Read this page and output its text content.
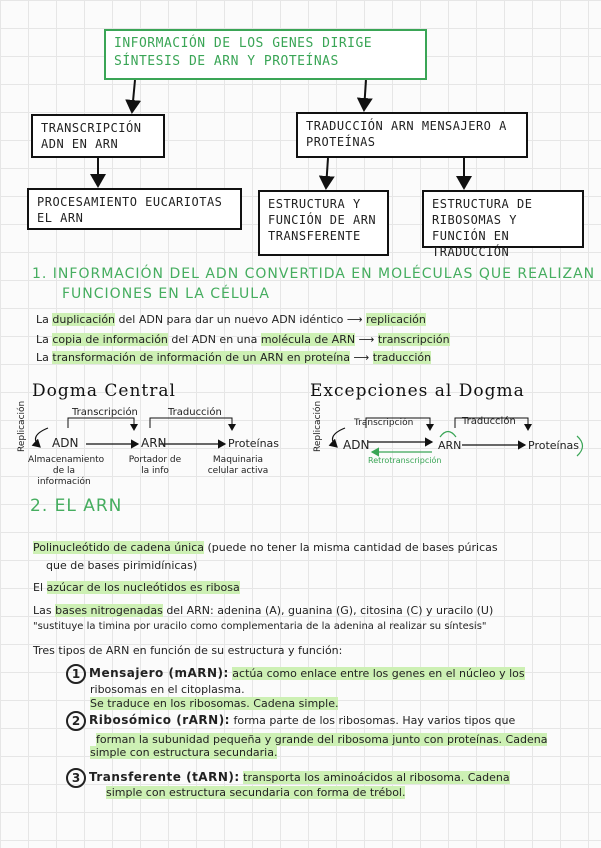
INFORMACIÓN DE LOS GENES DIRIGE SÍNTESIS DE ARN Y PROTEÍNAS
TRANSCRIPCIÓN ADN EN ARN
TRADUCCIÓN ARN MENSAJERO A PROTEÍNAS
PROCESAMIENTO EUCARIOTAS EL ARN
ESTRUCTURA Y FUNCIÓN DE ARN TRANSFERENTE
ESTRUCTURA DE RIBOSOMAS Y FUNCIÓN EN TRADUCCIÓN
1. INFORMACIÓN DEL ADN CONVERTIDA EN MOLÉCULAS QUE REALIZAN
FUNCIONES EN LA CÉLULA
La duplicación del ADN para dar un nuevo ADN idéntico ⟶ replicación
La copia de información del ADN en una molécula de ARN ⟶ transcripción
La transformación de información de un ARN en proteína ⟶ traducción
Dogma Central
Replicación	Transcripción	Traducción
ADN	ARN	Proteínas
Almacenamiento de la información
Portador de la info
Maquinaria celular activa
Excepciones al Dogma
Replicación	Transcripción	Traducción
ADN	ARN	Proteínas
Retrotranscripción
2. EL ARN
Polinucleótido de cadena única (puede no tener la misma cantidad de bases púricas
que de bases pirimidínicas)
El azúcar de los nucleótidos es ribosa
Las bases nitrogenadas del ARN: adenina (A), guanina (G), citosina (C) y uracilo (U)
"sustituye la timina por uracilo como complementaria de la adenina al realizar su síntesis"
Tres tipos de ARN en función de su estructura y función:
1 Mensajero (mARN): actúa como enlace entre los genes en el núcleo y los
ribosomas en el citoplasma.
Se traduce en los ribosomas. Cadena simple.
2 Ribosómico (rARN): forma parte de los ribosomas. Hay varios tipos que
forman la subunidad pequeña y grande del ribosoma junto con proteínas. Cadena
simple con estructura secundaria.
3 Transferente (tARN): transporta los aminoácidos al ribosoma. Cadena
simple con estructura secundaria con forma de trébol.
